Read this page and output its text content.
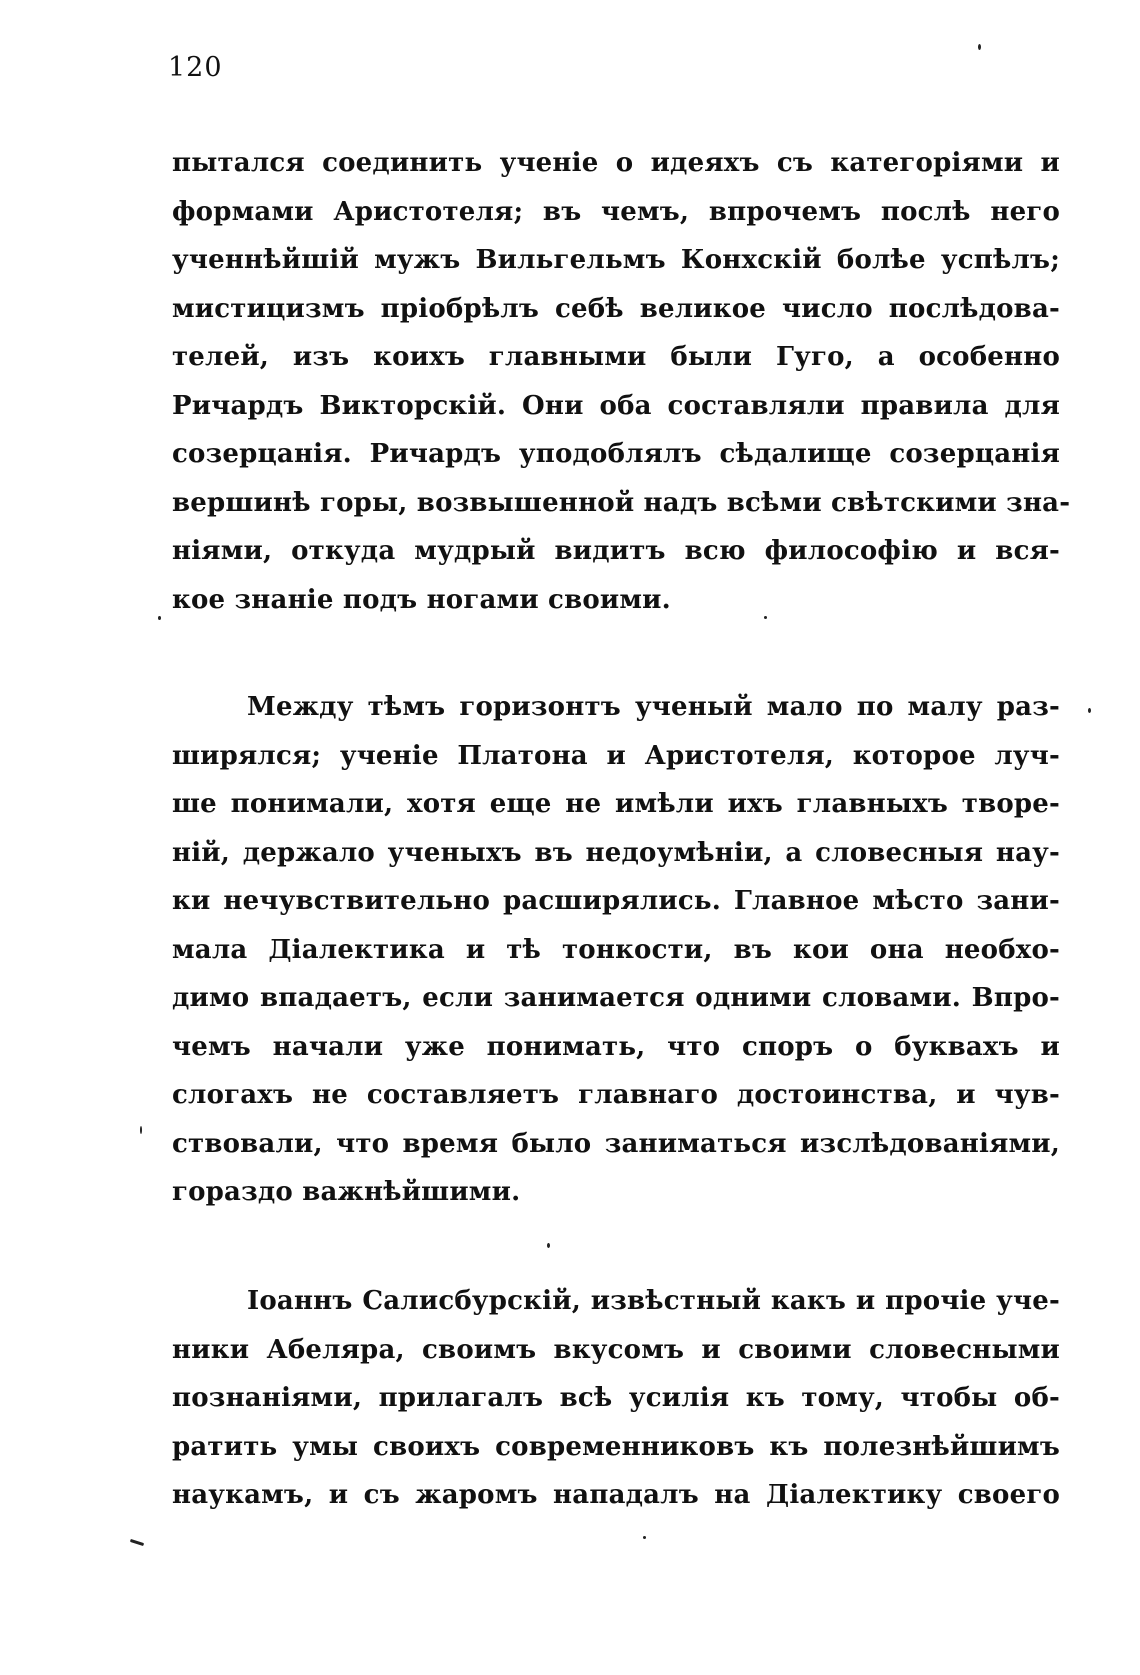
120
пытался соединить ученіе о идеяхъ съ категоріями и
формами Аристотеля; въ чемъ, впрочемъ послѣ него
ученнѣйшій мужъ Вильгельмъ Конхскій болѣе успѣлъ;
мистицизмъ пріобрѣлъ себѣ великое число послѣдова-
телей, изъ коихъ главными были Гуго, а особенно
Ричардъ Викторскій. Они оба составляли правила для
созерцанія. Ричардъ уподоблялъ сѣдалище созерцанія
вершинѣ горы, возвышенной надъ всѣми свѣтскими зна-
ніями, откуда мудрый видитъ всю философію и вся-
кое знаніе подъ ногами своими.
Между тѣмъ горизонтъ ученый мало по малу раз-
ширялся; ученіе Платона и Аристотеля, которое луч-
ше понимали, хотя еще не имѣли ихъ главныхъ творе-
ній, держало ученыхъ въ недоумѣніи, а словесныя нау-
ки нечувствительно расширялись. Главное мѣсто зани-
мала Діалектика и тѣ тонкости, въ кои она необхо-
димо впадаетъ, если занимается одними словами. Впро-
чемъ начали уже понимать, что споръ о буквахъ и
слогахъ не составляетъ главнаго достоинства, и чув-
ствовали, что время было заниматься изслѣдованіями,
гораздо важнѣйшими.
Іоаннъ Салисбурскій, извѣстный какъ и прочіе уче-
ники Абеляра, своимъ вкусомъ и своими словесными
познаніями, прилагалъ всѣ усилія къ тому, чтобы об-
ратить умы своихъ современниковъ къ полезнѣйшимъ
наукамъ, и съ жаромъ нападалъ на Діалектику своего
